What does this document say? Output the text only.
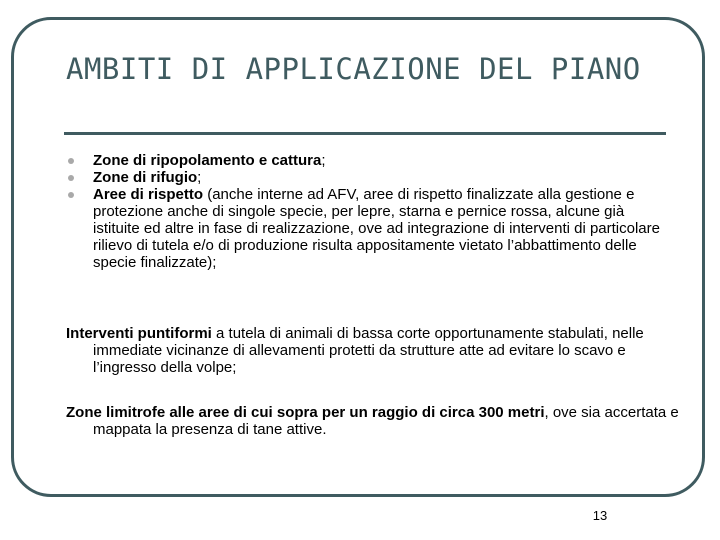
AMBITI DI APPLICAZIONE DEL PIANO
Zone di ripopolamento e cattura;
Zone di rifugio;
Aree di rispetto (anche interne ad AFV, aree di rispetto finalizzate alla gestione e protezione anche di singole specie, per lepre, starna e pernice rossa, alcune già istituite ed altre in fase di realizzazione, ove ad integrazione di interventi di particolare rilievo di tutela e/o di produzione risulta appositamente vietato l’abbattimento delle specie finalizzate);

Interventi puntiformi a tutela di animali di bassa corte opportunamente stabulati, nelle immediate vicinanze di allevamenti protetti da strutture atte ad evitare lo scavo e l’ingresso della volpe;

Zone limitrofe alle aree di cui sopra per un raggio di circa 300 metri, ove sia accertata e mappata la presenza di tane attive.

13
